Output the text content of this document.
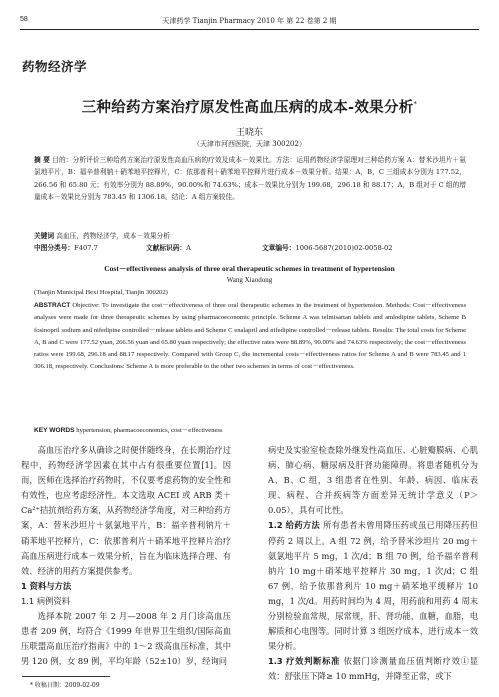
58	天津药学 Tianjin Pharmacy 2010 年 第 22 卷第 2 期
药物经济学
三种给药方案治疗原发性高血压病的成本-效果分析*
王晓东
（天津市河西医院，天津 300202）
摘 要 目的：分析评价三种给药方案治疗原发性高血压病的疗效及成本－效果比。方法：运用药物经济学原理对三种给药方案 A：替米沙坦片＋氨氯地平片，B：福辛普利钠＋硝苯地平控释片，C：依那普利＋硝苯地平控释片进行成本－效果分析。结果：A，B，C 三组成本分别为 177.52，266.56 和 65.80 元；有效率分别为 88.89%，90.00%和 74.63%；成本－效果比分别为 199.68，296.18 和 88.17；A，B 组对于 C 组的增量成本－效果比分别为 783.45 和 1306.18。结论：A 组方案较佳。
关键词 高血压，药物经济学，成本－效果分析
中图分类号：F407.7	文献标识码：A	文章编号：1006-5687(2010)02-0058-02
Cost－effectiveness analysis of three oral therapeutic schemes in treatment of hypertension
Wang Xiaodong
(Tianjin Municipal Hexi Hospital, Tianjin 300202)
ABSTRACT Objective: To investigate the cost－effectiveness of three oral therapeutic schemes in the treatment of hypertension. Methods: Cost－effectiveness analyses were made for three therapeutic schemes by using pharmacoeconomic principle. Scheme A was telmisartan tablets and amlodipine tablets, Scheme B fosinopril sodium and nifedipine controlled－release tablets and Scheme C enalapril and nifedipine controlled－release tablets. Results: The total costs for Scheme A, B and C were 177.52 yuan, 266.56 yuan and 65.80 yuan respectively; the effective rates were 88.89%, 90.00% and 74.63% respectively; the cost－effectiveness ratios were 199.68, 296.18 and 88.17 respectively. Compared with Group C, the incremental costs－effectiveness ratios for Scheme A and B were 783.45 and 1 306.18, respectively. Conclusions: Scheme A is more preferable to the other two schemes in terms of cost－effectiveness.
KEY WORDS hypertension, pharmacoeconomics, cost－effectiveness

高血压治疗多从确诊之时便伴随终身，在长期治疗过程中，药物经济学因素在其中占有很重要位置[1]。因而，医师在选择治疗药物时，不仅要考虑药物的安全性和有效性，也应考虑经济性。本文选取 ACEI 或 ARB 类＋Ca²⁺拮抗剂给药方案，从药物经济学角度，对三种给药方案，A：替米沙坦片＋氨氯地平片，B：福辛普利钠片＋硝苯地平控释片，C：依那普利片＋硝苯地平控释片治疗高血压病进行成本－效果分析，旨在为临床选择合理、有效、经济的用药方案提供参考。

1 资料与方法

1.1 病例资料

选择本院 2007 年 2 月—2008 年 2 月门诊高血压患者 209 例，均符合《1999 年世界卫生组织/国际高血压联盟高血压治疗指南》中的 1～2 级高血压标准，其中男 120 例，女 89 例，平均年龄（52±10）岁，经询问

病史及实验室检查除外继发性高血压、心脏瓣膜病、心肌病、肺心病、糖尿病及肝肾功能障碍。将患者随机分为 A、B、C 组，3 组患者在性别、年龄、病因、临床表现、病程、合并疾病等方面差异无统计学意义（P＞0.05），具有可比性。

1.2 给药方法 所有患者未曾用降压药或虽已用降压药但停药 2 周以上。A 组 72 例，给予替米沙坦片 20 mg＋氨氯地平片 5 mg，1 次/d；B 组 70 例，给予福辛普利钠片 10 mg＋硝苯地平控释片 30 mg，1 次/d；C 组 67 例，给予依那普利片 10 mg＋硝苯地平缓释片 10 mg，1 次/d。用药时间均为 4 周，用药前和用药 4 周末分别检验血常规，尿常规，肝、肾功能，血糖，血脂，电解质和心电图等。同时计算 3 组医疗成本，进行成本－效果分析。

1.3 疗效判断标准 依据门诊测量血压值判断疗效①显效：舒张压下降≥ 10 mmHg，并降至正常，或下

* 收稿日期：2009-02-09
